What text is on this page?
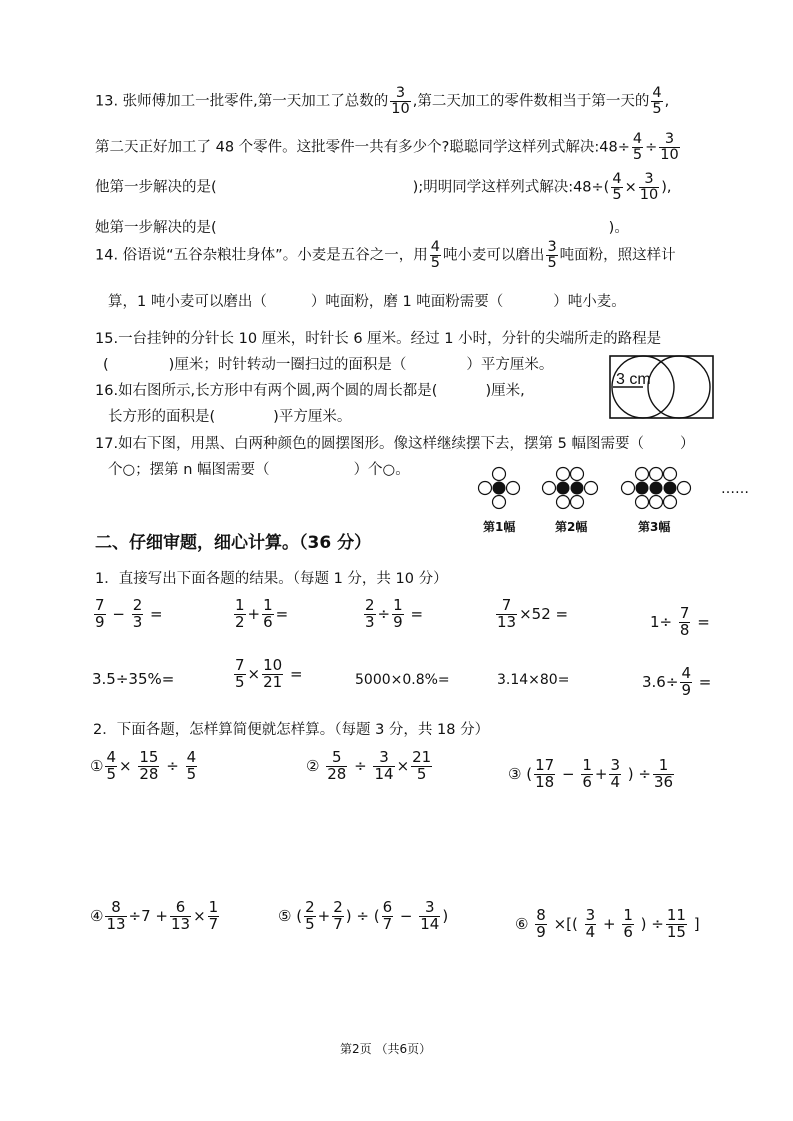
13. 张师傅加工一批零件,第一天加工了总数的 $\frac{3}{10}$ ,第二天加工的零件数相当于第一天的 $\frac{4}{5}$ ,
第二天正好加工了 48 个零件。这批零件一共有多少个?聪聪同学这样列式解决:48÷ $\frac{4}{5} \div \frac{3}{10}$
他第一步解决的是(	);明明同学这样列式解决:48÷( $\frac{4}{5} \times \frac{3}{10}$ ),
她第一步解决的是(	)。
14. 俗语说“五谷杂粮壮身体”。小麦是五谷之一，用 $\frac{4}{5}$ 吨小麦可以磨出 $\frac{3}{5}$ 吨面粉，照这样计
算，1 吨小麦可以磨出（	）吨面粉，磨 1 吨面粉需要（	）吨小麦。
15.一台挂钟的分针长 10 厘米，时针长 6 厘米。经过 1 小时，分针的尖端所走的路程是
(	)厘米；时针转动一圈扫过的面积是（	）平方厘米。
16.如右图所示,长方形中有两个圆,两个圆的周长都是(	)厘米,
长方形的面积是(	)平方厘米。
3 cm
17.如右下图，用黑、白两种颜色的圆摆图形。像这样继续摆下去，摆第 5 幅图需要（ ）
个○；摆第 n 幅图需要（	）个○。
……
第1幅	第2幅	第3幅
二、仔细审题，细心计算。（36 分）
1．直接写出下面各题的结果。（每题 1 分，共 10 分）
$\frac{7}{9} - \frac{2}{3}$ =	$\frac{1}{2} + \frac{1}{6}$ =	$\frac{2}{3} \div \frac{1}{9}$ =	$\frac{7}{13} \times 52$ =	$1\div \frac{7}{8}$ =
3.5÷35%=	$\frac{7}{5} \times \frac{10}{21}$ =	5000×0.8%=	3.14×80=	$3.6\div \frac{4}{9}$ =
2．下面各题，怎样算简便就怎样算。（每题 3 分，共 18 分）
① $\frac{4}{5} \times \frac{15}{28} \div \frac{4}{5}$	② $\frac{5}{28} \div \frac{3}{14} \times \frac{21}{5}$	③ ( $\frac{17}{18} - \frac{1}{6} + \frac{3}{4}$ ) ÷ $\frac{1}{36}$
④ $\frac{8}{13} \div 7 + \frac{6}{13} \times \frac{1}{7}$	⑤ ( $\frac{2}{5} + \frac{2}{7}$ ) ÷ ( $\frac{6}{7} - \frac{3}{14}$ )	⑥ $\frac{8}{9}$ ×[( $\frac{3}{4} + \frac{1}{6}$ ) ÷ $\frac{11}{15}$ ]
第2页 （共6页）
